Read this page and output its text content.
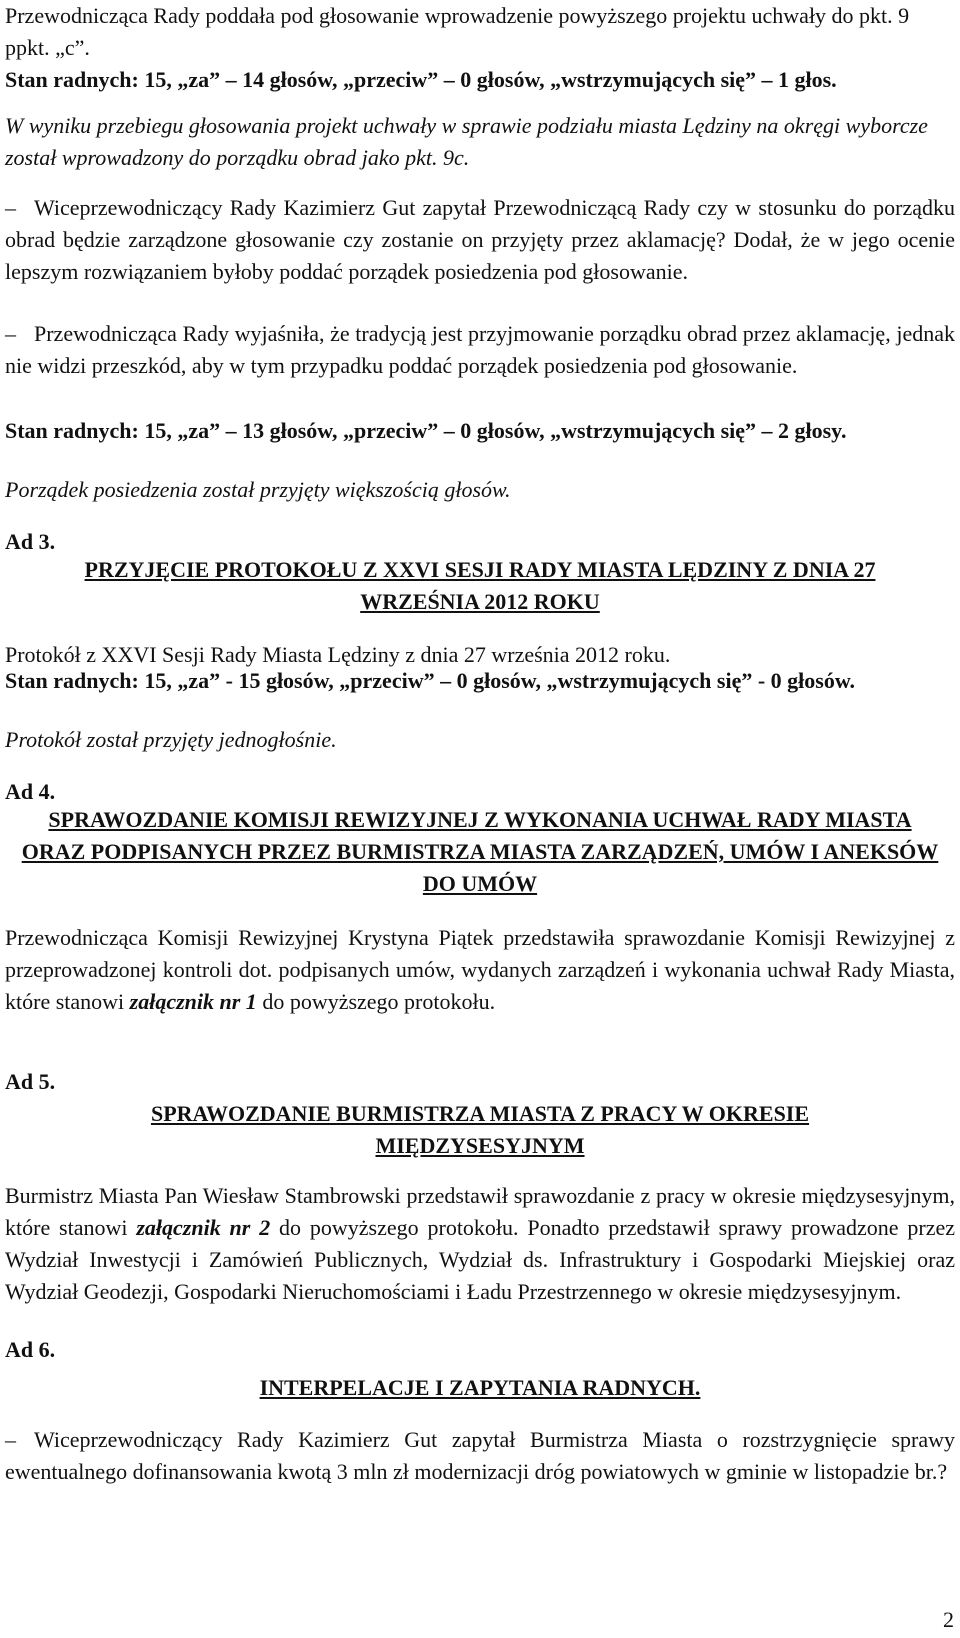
Przewodnicząca Rady poddała pod głosowanie wprowadzenie powyższego projektu uchwały do pkt. 9 ppkt. „c”.

Stan radnych: 15, „za” – 14 głosów, „przeciw” – 0 głosów, „wstrzymujących się” – 1 głos.

W wyniku przebiegu głosowania projekt uchwały w sprawie podziału miasta Lędziny na okręgi wyborcze został wprowadzony do porządku obrad jako pkt. 9c.

– Wiceprzewodniczący Rady Kazimierz Gut zapytał Przewodniczącą Rady czy w stosunku do porządku obrad będzie zarządzone głosowanie czy zostanie on przyjęty przez aklamację? Dodał, że w jego ocenie lepszym rozwiązaniem byłoby poddać porządek posiedzenia pod głosowanie.

– Przewodnicząca Rady wyjaśniła, że tradycją jest przyjmowanie porządku obrad przez aklamację, jednak nie widzi przeszkód, aby w tym przypadku poddać porządek posiedzenia pod głosowanie.

Stan radnych: 15, „za” – 13 głosów, „przeciw” – 0 głosów, „wstrzymujących się” – 2 głosy.

Porządek posiedzenia został przyjęty większością głosów.

Ad 3.

PRZYJĘCIE PROTOKOŁU Z XXVI SESJI RADY MIASTA LĘDZINY Z DNIA 27 WRZEŚNIA 2012 ROKU

Protokół z XXVI Sesji Rady Miasta Lędziny z dnia 27 września 2012 roku.

Stan radnych: 15, „za” - 15 głosów, „przeciw” – 0 głosów, „wstrzymujących się” - 0 głosów.

Protokół został przyjęty jednogłośnie.

Ad 4.

SPRAWOZDANIE KOMISJI REWIZYJNEJ Z WYKONANIA UCHWAŁ RADY MIASTA ORAZ PODPISANYCH PRZEZ BURMISTRZA MIASTA ZARZĄDZEŃ, UMÓW I ANEKSÓW DO UMÓW

Przewodnicząca Komisji Rewizyjnej Krystyna Piątek przedstawiła sprawozdanie Komisji Rewizyjnej z przeprowadzonej kontroli dot. podpisanych umów, wydanych zarządzeń i wykonania uchwał Rady Miasta, które stanowi załącznik nr 1 do powyższego protokołu.

Ad 5.

SPRAWOZDANIE BURMISTRZA MIASTA Z PRACY W OKRESIE MIĘDZYSESYJNYM

Burmistrz Miasta Pan Wiesław Stambrowski przedstawił sprawozdanie z pracy w okresie międzysesyjnym, które stanowi załącznik nr 2 do powyższego protokołu. Ponadto przedstawił sprawy prowadzone przez Wydział Inwestycji i Zamówień Publicznych, Wydział ds. Infrastruktury i Gospodarki Miejskiej oraz Wydział Geodezji, Gospodarki Nieruchomościami i Ładu Przestrzennego w okresie międzysesyjnym.

Ad 6.

INTERPELACJE I ZAPYTANIA RADNYCH.

– Wiceprzewodniczący Rady Kazimierz Gut zapytał Burmistrza Miasta o rozstrzygnięcie sprawy ewentualnego dofinansowania kwotą 3 mln zł modernizacji dróg powiatowych w gminie w listopadzie br.?

2
